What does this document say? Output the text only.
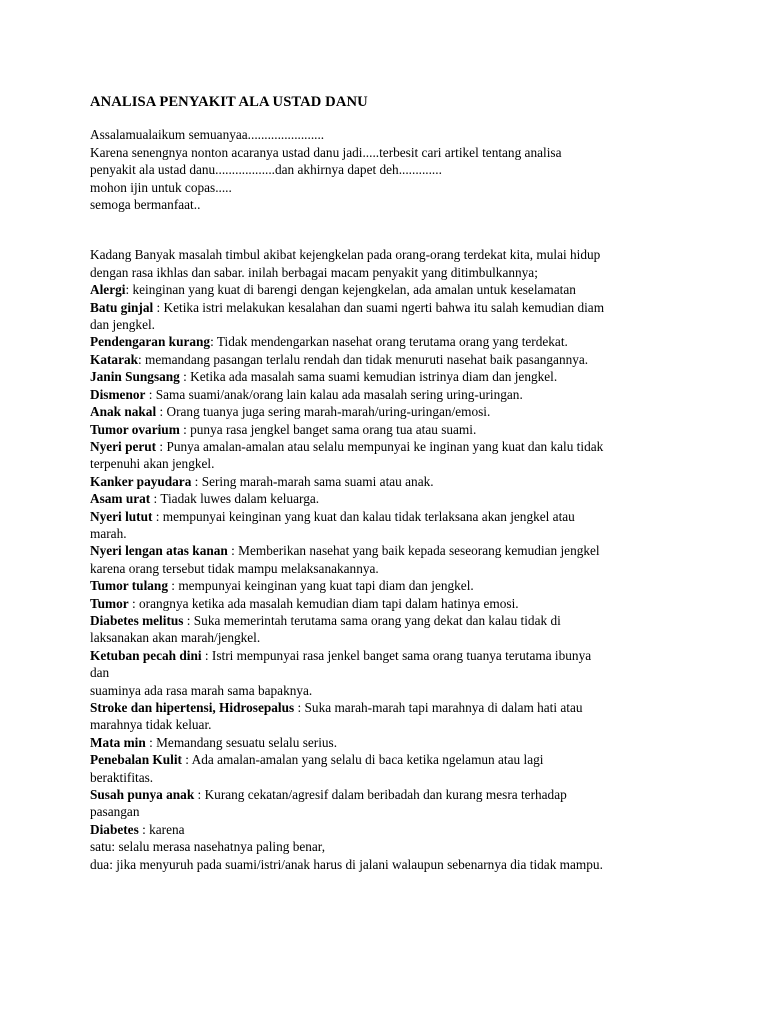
ANALISA PENYAKIT ALA USTAD DANU
Assalamualaikum semuanyaa.......................
Karena senengnya nonton acaranya ustad danu jadi.....terbesit cari artikel tentang analisa
penyakit ala ustad danu..................dan akhirnya dapet deh.............
mohon ijin untuk copas.....
semoga bermanfaat..
Kadang Banyak masalah timbul akibat kejengkelan pada orang-orang terdekat kita, mulai hidup
dengan rasa ikhlas dan sabar. inilah berbagai macam penyakit yang ditimbulkannya;
Alergi: keinginan yang kuat di barengi dengan kejengkelan, ada amalan untuk keselamatan
Batu ginjal : Ketika istri melakukan kesalahan dan suami ngerti bahwa itu salah kemudian diam
dan jengkel.
Pendengaran kurang: Tidak mendengarkan nasehat orang terutama orang yang terdekat.
Katarak: memandang pasangan terlalu rendah dan tidak menuruti nasehat baik pasangannya.
Janin Sungsang : Ketika ada masalah sama suami kemudian istrinya diam dan jengkel.
Dismenor : Sama suami/anak/orang lain kalau ada masalah sering uring-uringan.
Anak nakal : Orang tuanya juga sering marah-marah/uring-uringan/emosi.
Tumor ovarium : punya rasa jengkel banget sama orang tua atau suami.
Nyeri perut : Punya amalan-amalan atau selalu mempunyai ke inginan yang kuat dan kalu tidak
terpenuhi akan jengkel.
Kanker payudara : Sering marah-marah sama suami atau anak.
Asam urat : Tiadak luwes dalam keluarga.
Nyeri lutut : mempunyai keinginan yang kuat dan kalau tidak terlaksana akan jengkel atau
marah.
Nyeri lengan atas kanan : Memberikan nasehat yang baik kepada seseorang kemudian jengkel
karena orang tersebut tidak mampu melaksanakannya.
Tumor tulang : mempunyai keinginan yang kuat tapi diam dan jengkel.
Tumor : orangnya ketika ada masalah kemudian diam tapi dalam hatinya emosi.
Diabetes melitus : Suka memerintah terutama sama orang yang dekat dan kalau tidak di
laksanakan akan marah/jengkel.
Ketuban pecah dini : Istri mempunyai rasa jenkel banget sama orang tuanya terutama ibunya
dan
suaminya ada rasa marah sama bapaknya.
Stroke dan hipertensi, Hidrosepalus : Suka marah-marah tapi marahnya di dalam hati atau
marahnya tidak keluar.
Mata min : Memandang sesuatu selalu serius.
Penebalan Kulit : Ada amalan-amalan yang selalu di baca ketika ngelamun atau lagi
beraktifitas.
Susah punya anak : Kurang cekatan/agresif dalam beribadah dan kurang mesra terhadap
pasangan
Diabetes : karena
satu: selalu merasa nasehatnya paling benar,
dua: jika menyuruh pada suami/istri/anak harus di jalani walaupun sebenarnya dia tidak mampu.
